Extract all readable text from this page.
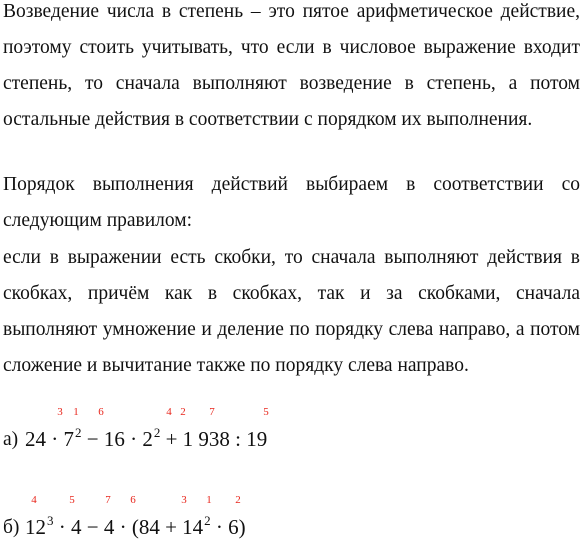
Возведение числа в степень – это пятое арифметическое действие, поэтому стоить учитывать, что если в числовое выражение входит степень, то сначала выполняют возведение в степень, а потом остальные действия в соответствии с порядком их выполнения.
Порядок выполнения действий выбираем в соответствии со следующим правилом:
если в выражении есть скобки, то сначала выполняют действия в скобках, причём как в скобках, так и за скобками, сначала выполняют умножение и деление по порядку слева направо, а потом сложение и вычитание также по порядку слева направо.
а) $24 \cdot 7^2 - 16 \cdot 2^2 + 1$ 938 : 19
3 1 6	4 2 7	5
б) $12^3 \cdot 4 - 4 \cdot (84 + 14^2 \cdot 6)$
4	5	7 6	3 1 2
